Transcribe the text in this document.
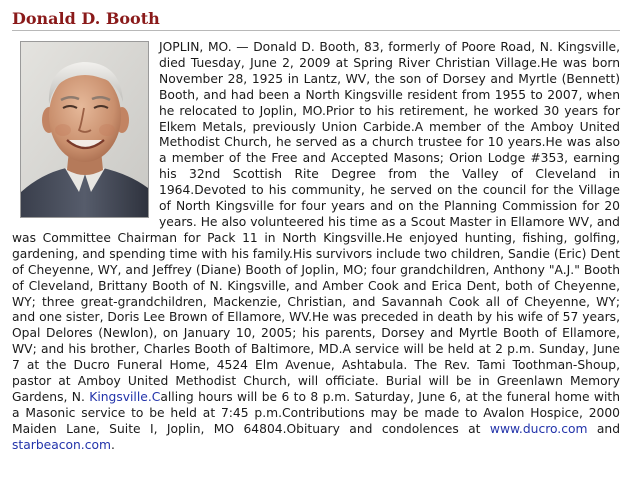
Donald D. Booth
JOPLIN, MO. — Donald D. Booth, 83, formerly of Poore Road, N. Kingsville, died Tuesday, June 2, 2009 at Spring River Christian Village.He was born November 28, 1925 in Lantz, WV, the son of Dorsey and Myrtle (Bennett) Booth, and had been a North Kingsville resident from 1955 to 2007, when he relocated to Joplin, MO.Prior to his retirement, he worked 30 years for Elkem Metals, previously Union Carbide.A member of the Amboy United Methodist Church, he served as a church trustee for 10 years.He was also a member of the Free and Accepted Masons; Orion Lodge #353, earning his 32nd Scottish Rite Degree from the Valley of Cleveland in 1964.Devoted to his community, he served on the council for the Village of North Kingsville for four years and on the Planning Commission for 20 years. He also volunteered his time as a Scout Master in Ellamore WV, and was Committee Chairman for Pack 11 in North Kingsville.He enjoyed hunting, fishing, golfing, gardening, and spending time with his family.His survivors include two children, Sandie (Eric) Dent of Cheyenne, WY, and Jeffrey (Diane) Booth of Joplin, MO; four grandchildren, Anthony "A.J." Booth of Cleveland, Brittany Booth of N. Kingsville, and Amber Cook and Erica Dent, both of Cheyenne, WY; three great-grandchildren, Mackenzie, Christian, and Savannah Cook all of Cheyenne, WY; and one sister, Doris Lee Brown of Ellamore, WV.He was preceded in death by his wife of 57 years, Opal Delores (Newlon), on January 10, 2005; his parents, Dorsey and Myrtle Booth of Ellamore, WV; and his brother, Charles Booth of Baltimore, MD.A service will be held at 2 p.m. Sunday, June 7 at the Ducro Funeral Home, 4524 Elm Avenue, Ashtabula. The Rev. Tami Toothman-Shoup, pastor at Amboy United Methodist Church, will officiate. Burial will be in Greenlawn Memory Gardens, N. Kingsville.Calling hours will be 6 to 8 p.m. Saturday, June 6, at the funeral home with a Masonic service to be held at 7:45 p.m.Contributions may be made to Avalon Hospice, 2000 Maiden Lane, Suite I, Joplin, MO 64804.Obituary and condolences at www.ducro.com and starbeacon.com.
